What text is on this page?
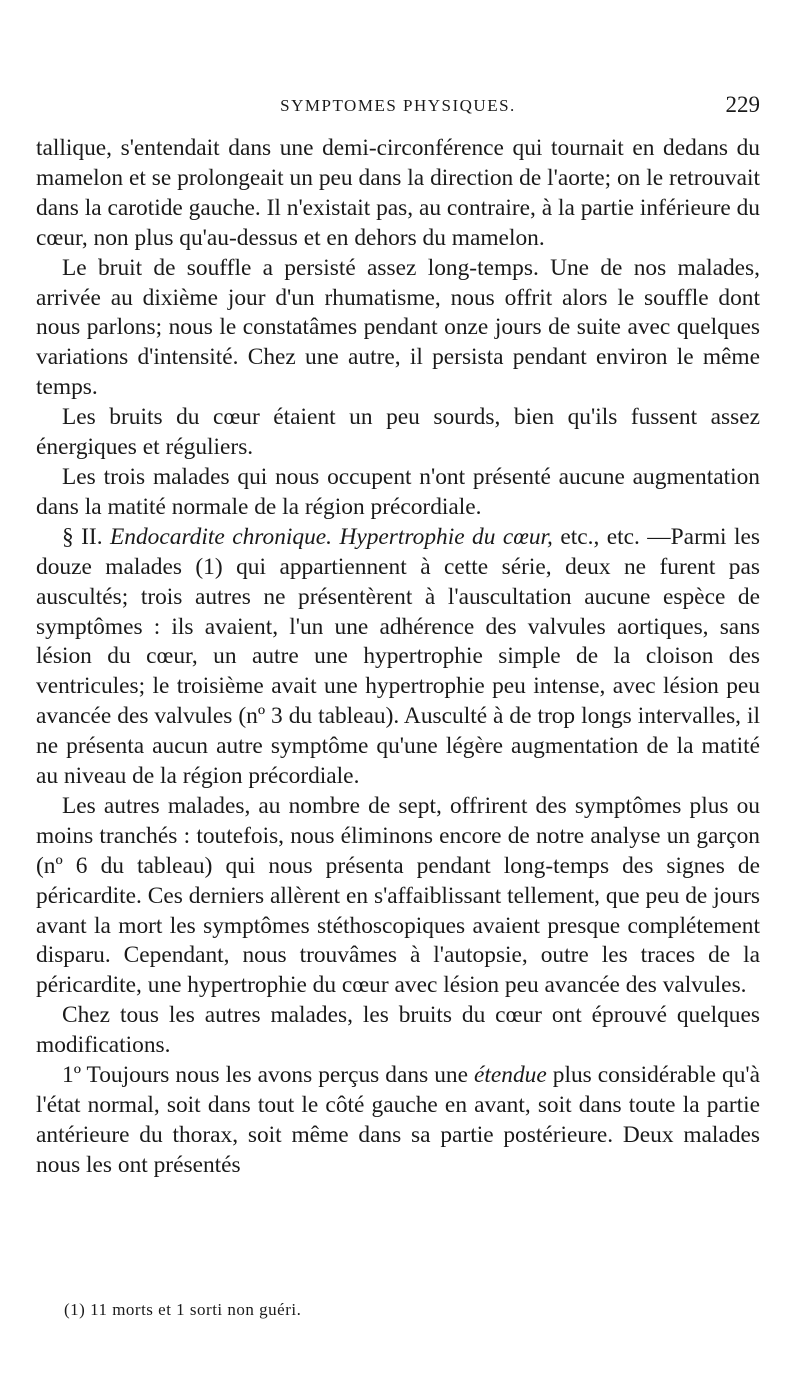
SYMPTOMES PHYSIQUES.	229

tallique, s'entendait dans une demi-circonférence qui tournait en dedans du mamelon et se prolongeait un peu dans la direction de l'aorte; on le retrouvait dans la carotide gauche. Il n'existait pas, au contraire, à la partie inférieure du cœur, non plus qu'au-dessus et en dehors du mamelon.

Le bruit de souffle a persisté assez long-temps. Une de nos malades, arrivée au dixième jour d'un rhumatisme, nous offrit alors le souffle dont nous parlons; nous le constatâmes pendant onze jours de suite avec quelques variations d'intensité. Chez une autre, il persista pendant environ le même temps.

Les bruits du cœur étaient un peu sourds, bien qu'ils fussent assez énergiques et réguliers.

Les trois malades qui nous occupent n'ont présenté aucune augmentation dans la matité normale de la région précordiale.

§ II. Endocardite chronique. Hypertrophie du cœur, etc., etc. —Parmi les douze malades (1) qui appartiennent à cette série, deux ne furent pas auscultés; trois autres ne présentèrent à l'auscultation aucune espèce de symptômes : ils avaient, l'un une adhérence des valvules aortiques, sans lésion du cœur, un autre une hypertrophie simple de la cloison des ventricules; le troisième avait une hypertrophie peu intense, avec lésion peu avancée des valvules (nº 3 du tableau). Ausculté à de trop longs intervalles, il ne présenta aucun autre symptôme qu'une légère augmentation de la matité au niveau de la région précordiale.

Les autres malades, au nombre de sept, offrirent des symptômes plus ou moins tranchés : toutefois, nous éliminons encore de notre analyse un garçon (nº 6 du tableau) qui nous présenta pendant long-temps des signes de péricardite. Ces derniers allèrent en s'affaiblissant tellement, que peu de jours avant la mort les symptômes stéthoscopiques avaient presque complétement disparu. Cependant, nous trouvâmes à l'autopsie, outre les traces de la péricardite, une hypertrophie du cœur avec lésion peu avancée des valvules.

Chez tous les autres malades, les bruits du cœur ont éprouvé quelques modifications.

1º Toujours nous les avons perçus dans une étendue plus considérable qu'à l'état normal, soit dans tout le côté gauche en avant, soit dans toute la partie antérieure du thorax, soit même dans sa partie postérieure. Deux malades nous les ont présentés

(1) 11 morts et 1 sorti non guéri.
